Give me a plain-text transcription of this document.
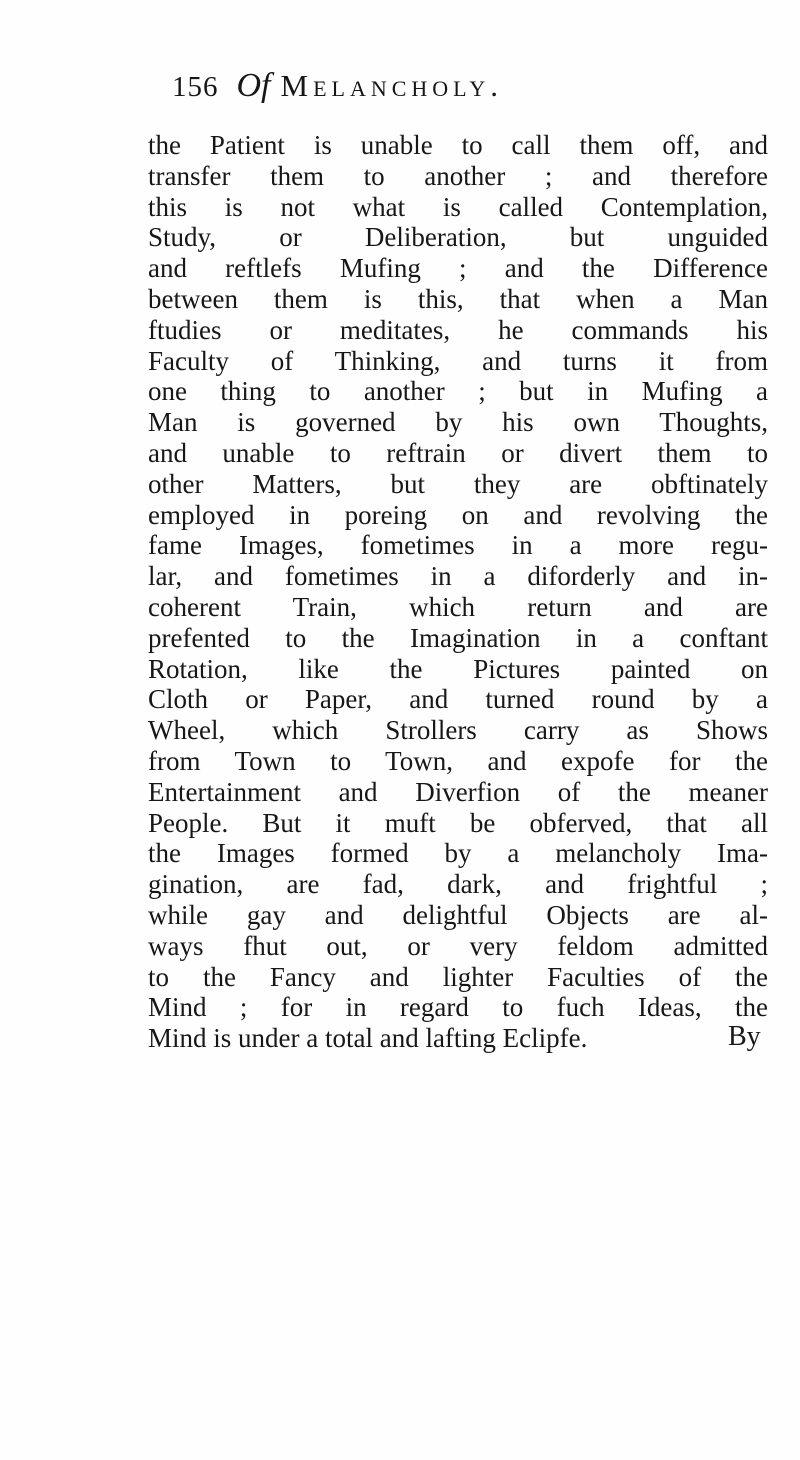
156 Of Melancholy.
the Patient is unable to call them off, and
transfer them to another ; and therefore
this is not what is called Contemplation,
Study, or Deliberation, but unguided
and reftlefs Mufing ; and the Difference
between them is this, that when a Man
ftudies or meditates, he commands his
Faculty of Thinking, and turns it from
one thing to another ; but in Mufing a
Man is governed by his own Thoughts,
and unable to reftrain or divert them to
other Matters, but they are obftinately
employed in poreing on and revolving the
fame Images, fometimes in a more regu-
lar, and fometimes in a diforderly and in-
coherent Train, which return and are
prefented to the Imagination in a conftant
Rotation, like the Pictures painted on
Cloth or Paper, and turned round by a
Wheel, which Strollers carry as Shows
from Town to Town, and expofe for the
Entertainment and Diverfion of the meaner
People. But it muft be obferved, that all
the Images formed by a melancholy Ima-
gination, are fad, dark, and frightful ;
while gay and delightful Objects are al-
ways fhut out, or very feldom admitted
to the Fancy and lighter Faculties of the
Mind ; for in regard to fuch Ideas, the
Mind is under a total and lafting Eclipfe.	By
